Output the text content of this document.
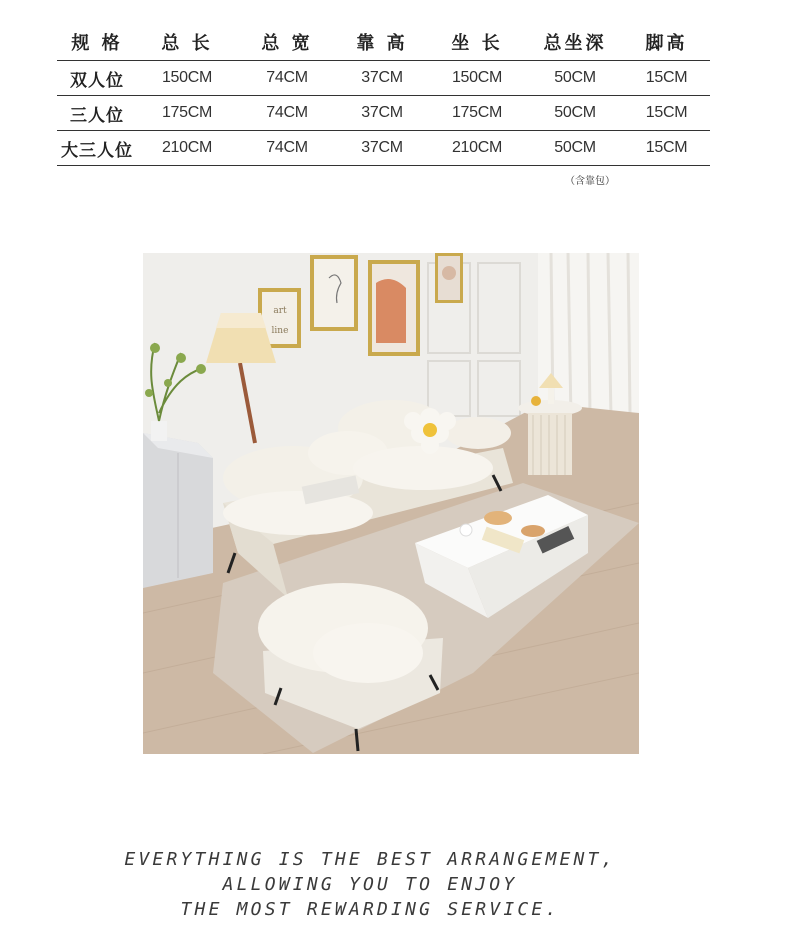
规 格	总 长	总 宽	靠 高	坐 长	总坐深	脚高
双人位	150CM	74CM	37CM	150CM	50CM	15CM
三人位	175CM	74CM	37CM	175CM	50CM	15CM
大三人位	210CM	74CM	37CM	210CM	50CM	15CM
（含靠包）
art
line
EVERYTHING IS THE BEST ARRANGEMENT,
ALLOWING YOU TO ENJOY
THE MOST REWARDING SERVICE.
